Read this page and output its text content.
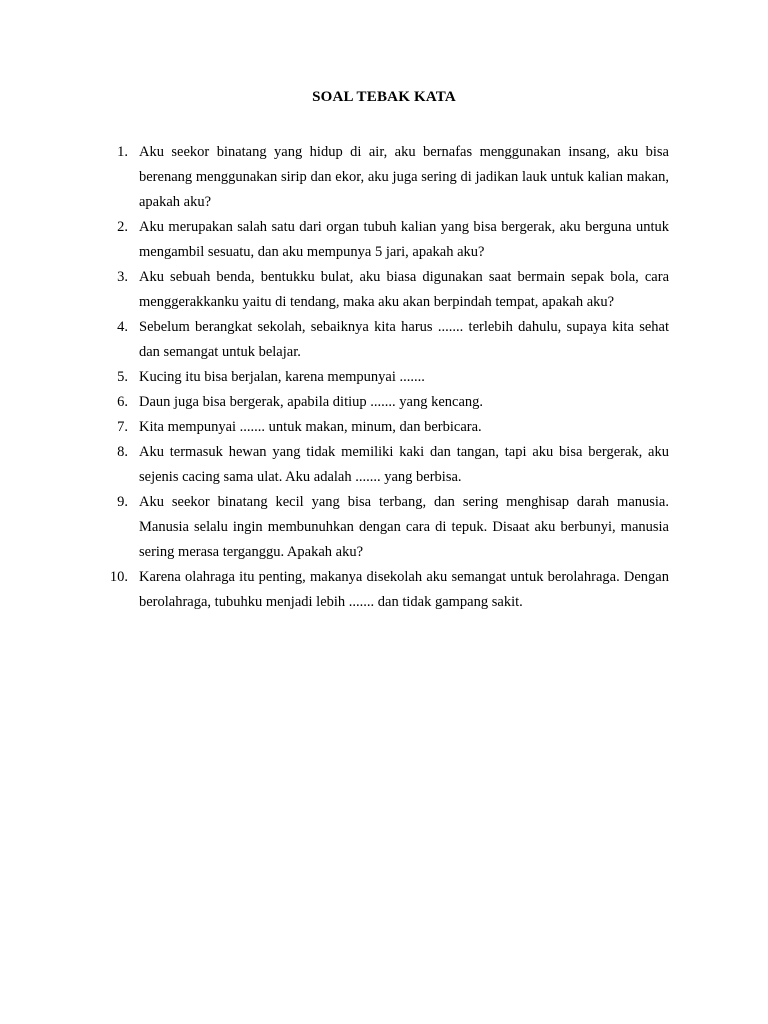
SOAL TEBAK KATA
1. Aku seekor binatang yang hidup di air, aku bernafas menggunakan insang, aku bisa berenang menggunakan sirip dan ekor, aku juga sering di jadikan lauk untuk kalian makan, apakah aku?
2. Aku merupakan salah satu dari organ tubuh kalian yang bisa bergerak, aku berguna untuk mengambil sesuatu, dan aku mempunya 5 jari, apakah aku?
3. Aku sebuah benda, bentukku bulat, aku biasa digunakan saat bermain sepak bola, cara menggerakkanku yaitu di tendang, maka aku akan berpindah tempat, apakah aku?
4. Sebelum berangkat sekolah, sebaiknya kita harus ....... terlebih dahulu, supaya kita sehat dan semangat untuk belajar.
5. Kucing itu bisa berjalan, karena mempunyai .......
6. Daun juga bisa bergerak, apabila ditiup ....... yang kencang.
7. Kita mempunyai ....... untuk makan, minum, dan berbicara.
8. Aku termasuk hewan yang tidak memiliki kaki dan tangan, tapi aku bisa bergerak, aku sejenis cacing sama ulat. Aku adalah ....... yang berbisa.
9. Aku seekor binatang kecil yang bisa terbang, dan sering menghisap darah manusia. Manusia selalu ingin membunuhkan dengan cara di tepuk. Disaat aku berbunyi, manusia sering merasa terganggu. Apakah aku?
10. Karena olahraga itu penting, makanya disekolah aku semangat untuk berolahraga. Dengan berolahraga, tubuhku menjadi lebih ....... dan tidak gampang sakit.
